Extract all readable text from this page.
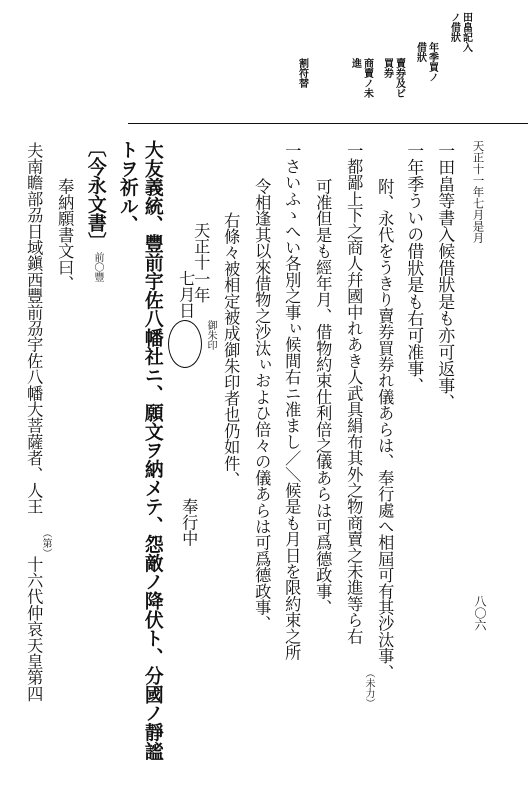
田畠記入
ノ借狀
年季買ノ
借狀
賣券及ビ
買券
商賣ノ未
進
割符替
天正十一年七月是月
一田畠等書入候借狀是も亦可返事、
一年季ういの借狀是も右可准事、
附、永代をうきり賣券買券れ儀あらは、奉行處へ相屆可有其沙汰事、
一都鄙上下之商人幷國中れあき人武具絹布其外之物商賣之未進等ら右
（未力）
可准但是も經年月、借物約束仕利倍之儀あらは可爲德政事、
一さいふゝへい各別之事ぃ候間右ニ准まし／＼候是も月日を限約束之所
令相逢其以來借物之沙汰ぃおよひ倍々の儀あらは可爲德政事、
右條々被相定被成御朱印者也仍如件、
天正十一年
御朱印
七月日
奉行中
大友義統、豐前宇佐八幡社ニ、願文ヲ納メテ、怨敵ノ降伏ト、分國ノ靜謐
トヲ祈ル、
〔今永文書〕
前〇豐
奉納願書文曰、
夫南瞻部刕日域鎭西豐前刕宇佐八幡大菩薩者、人王
（第）
十六代仲哀天皇第四	八〇六
